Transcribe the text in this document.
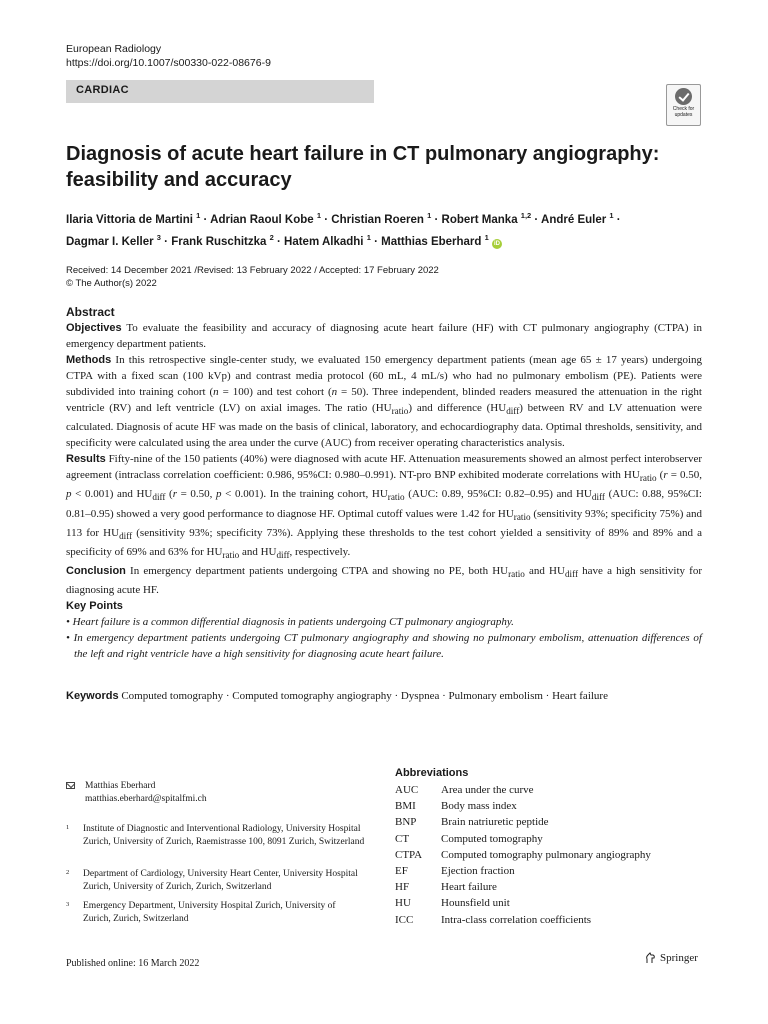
European Radiology
https://doi.org/10.1007/s00330-022-08676-9
CARDIAC
Check for updates
Diagnosis of acute heart failure in CT pulmonary angiography: feasibility and accuracy
Ilaria Vittoria de Martini $^1$ · Adrian Raoul Kobe $^1$ · Christian Roeren $^1$ · Robert Manka $^{1,2}$ · André Euler $^1$ ·
Dagmar I. Keller $^3$ · Frank Ruschitzka $^2$ · Hatem Alkadhi $^1$ · Matthias Eberhard $^1$ iD
Received: 14 December 2021 /Revised: 13 February 2022 / Accepted: 17 February 2022
© The Author(s) 2022
Abstract

Objectives To evaluate the feasibility and accuracy of diagnosing acute heart failure (HF) with CT pulmonary angiography (CTPA) in emergency department patients.

Methods In this retrospective single-center study, we evaluated 150 emergency department patients (mean age 65 ± 17 years) undergoing CTPA with a fixed scan (100 kVp) and contrast media protocol (60 mL, 4 mL/s) who had no pulmonary embolism (PE). Patients were subdivided into training cohort (n = 100) and test cohort (n = 50). Three independent, blinded readers measured the attenuation in the right ventricle (RV) and left ventricle (LV) on axial images. The ratio $(HU_{ratio})$ and difference $(HU_{diff})$ between RV and LV attenuation were calculated. Diagnosis of acute HF was made on the basis of clinical, laboratory, and echocardiography data. Optimal thresholds, sensitivity, and specificity were calculated using the area under the curve (AUC) from receiver operating characteristics analysis.

Results Fifty-nine of the 150 patients (40%) were diagnosed with acute HF. Attenuation measurements showed an almost perfect interobserver agreement (intraclass correlation coefficient: 0.986, 95%CI: 0.980–0.991). NT-pro BNP exhibited moderate correlations with $HU_{ratio}$ (r = 0.50, p < 0.001) and $HU_{diff}$ (r = 0.50, p < 0.001). In the training cohort, $HU_{ratio}$ (AUC: 0.89, 95%CI: 0.82–0.95) and $HU_{diff}$ (AUC: 0.88, 95%CI: 0.81–0.95) showed a very good performance to diagnose HF. Optimal cutoff values were 1.42 for $HU_{ratio}$ (sensitivity 93%; specificity 75%) and 113 for $HU_{diff}$ (sensitivity 93%; specificity 73%). Applying these thresholds to the test cohort yielded a sensitivity of 89% and 89% and a specificity of 69% and 63% for $HU_{ratio}$ and $HU_{diff}$, respectively.

Conclusion In emergency department patients undergoing CTPA and showing no PE, both $HU_{ratio}$ and $HU_{diff}$ have a high sensitivity for diagnosing acute HF.

Key Points

• Heart failure is a common differential diagnosis in patients undergoing CT pulmonary angiography.

• In emergency department patients undergoing CT pulmonary angiography and showing no pulmonary embolism, attenuation differences of the left and right ventricle have a high sensitivity for diagnosing acute heart failure.

Keywords Computed tomography · Computed tomography angiography · Dyspnea · Pulmonary embolism · Heart failure
Matthias Eberhard
matthias.eberhard@spitalfmi.ch
1 Institute of Diagnostic and Interventional Radiology, University Hospital Zurich, University of Zurich, Raemistrasse 100, 8091 Zurich, Switzerland
2 Department of Cardiology, University Heart Center, University Hospital Zurich, University of Zurich, Zurich, Switzerland
3 Emergency Department, University Hospital Zurich, University of Zurich, Zurich, Switzerland
Abbreviations
AUC Area under the curve
BMI Body mass index
BNP Brain natriuretic peptide
CT	Computed tomography
CTPA Computed tomography pulmonary angiography
EF	Ejection fraction
HF	Heart failure
HU	Hounsfield unit
ICC	Intra-class correlation coefficients
Published online: 16 March 2022	Springer
